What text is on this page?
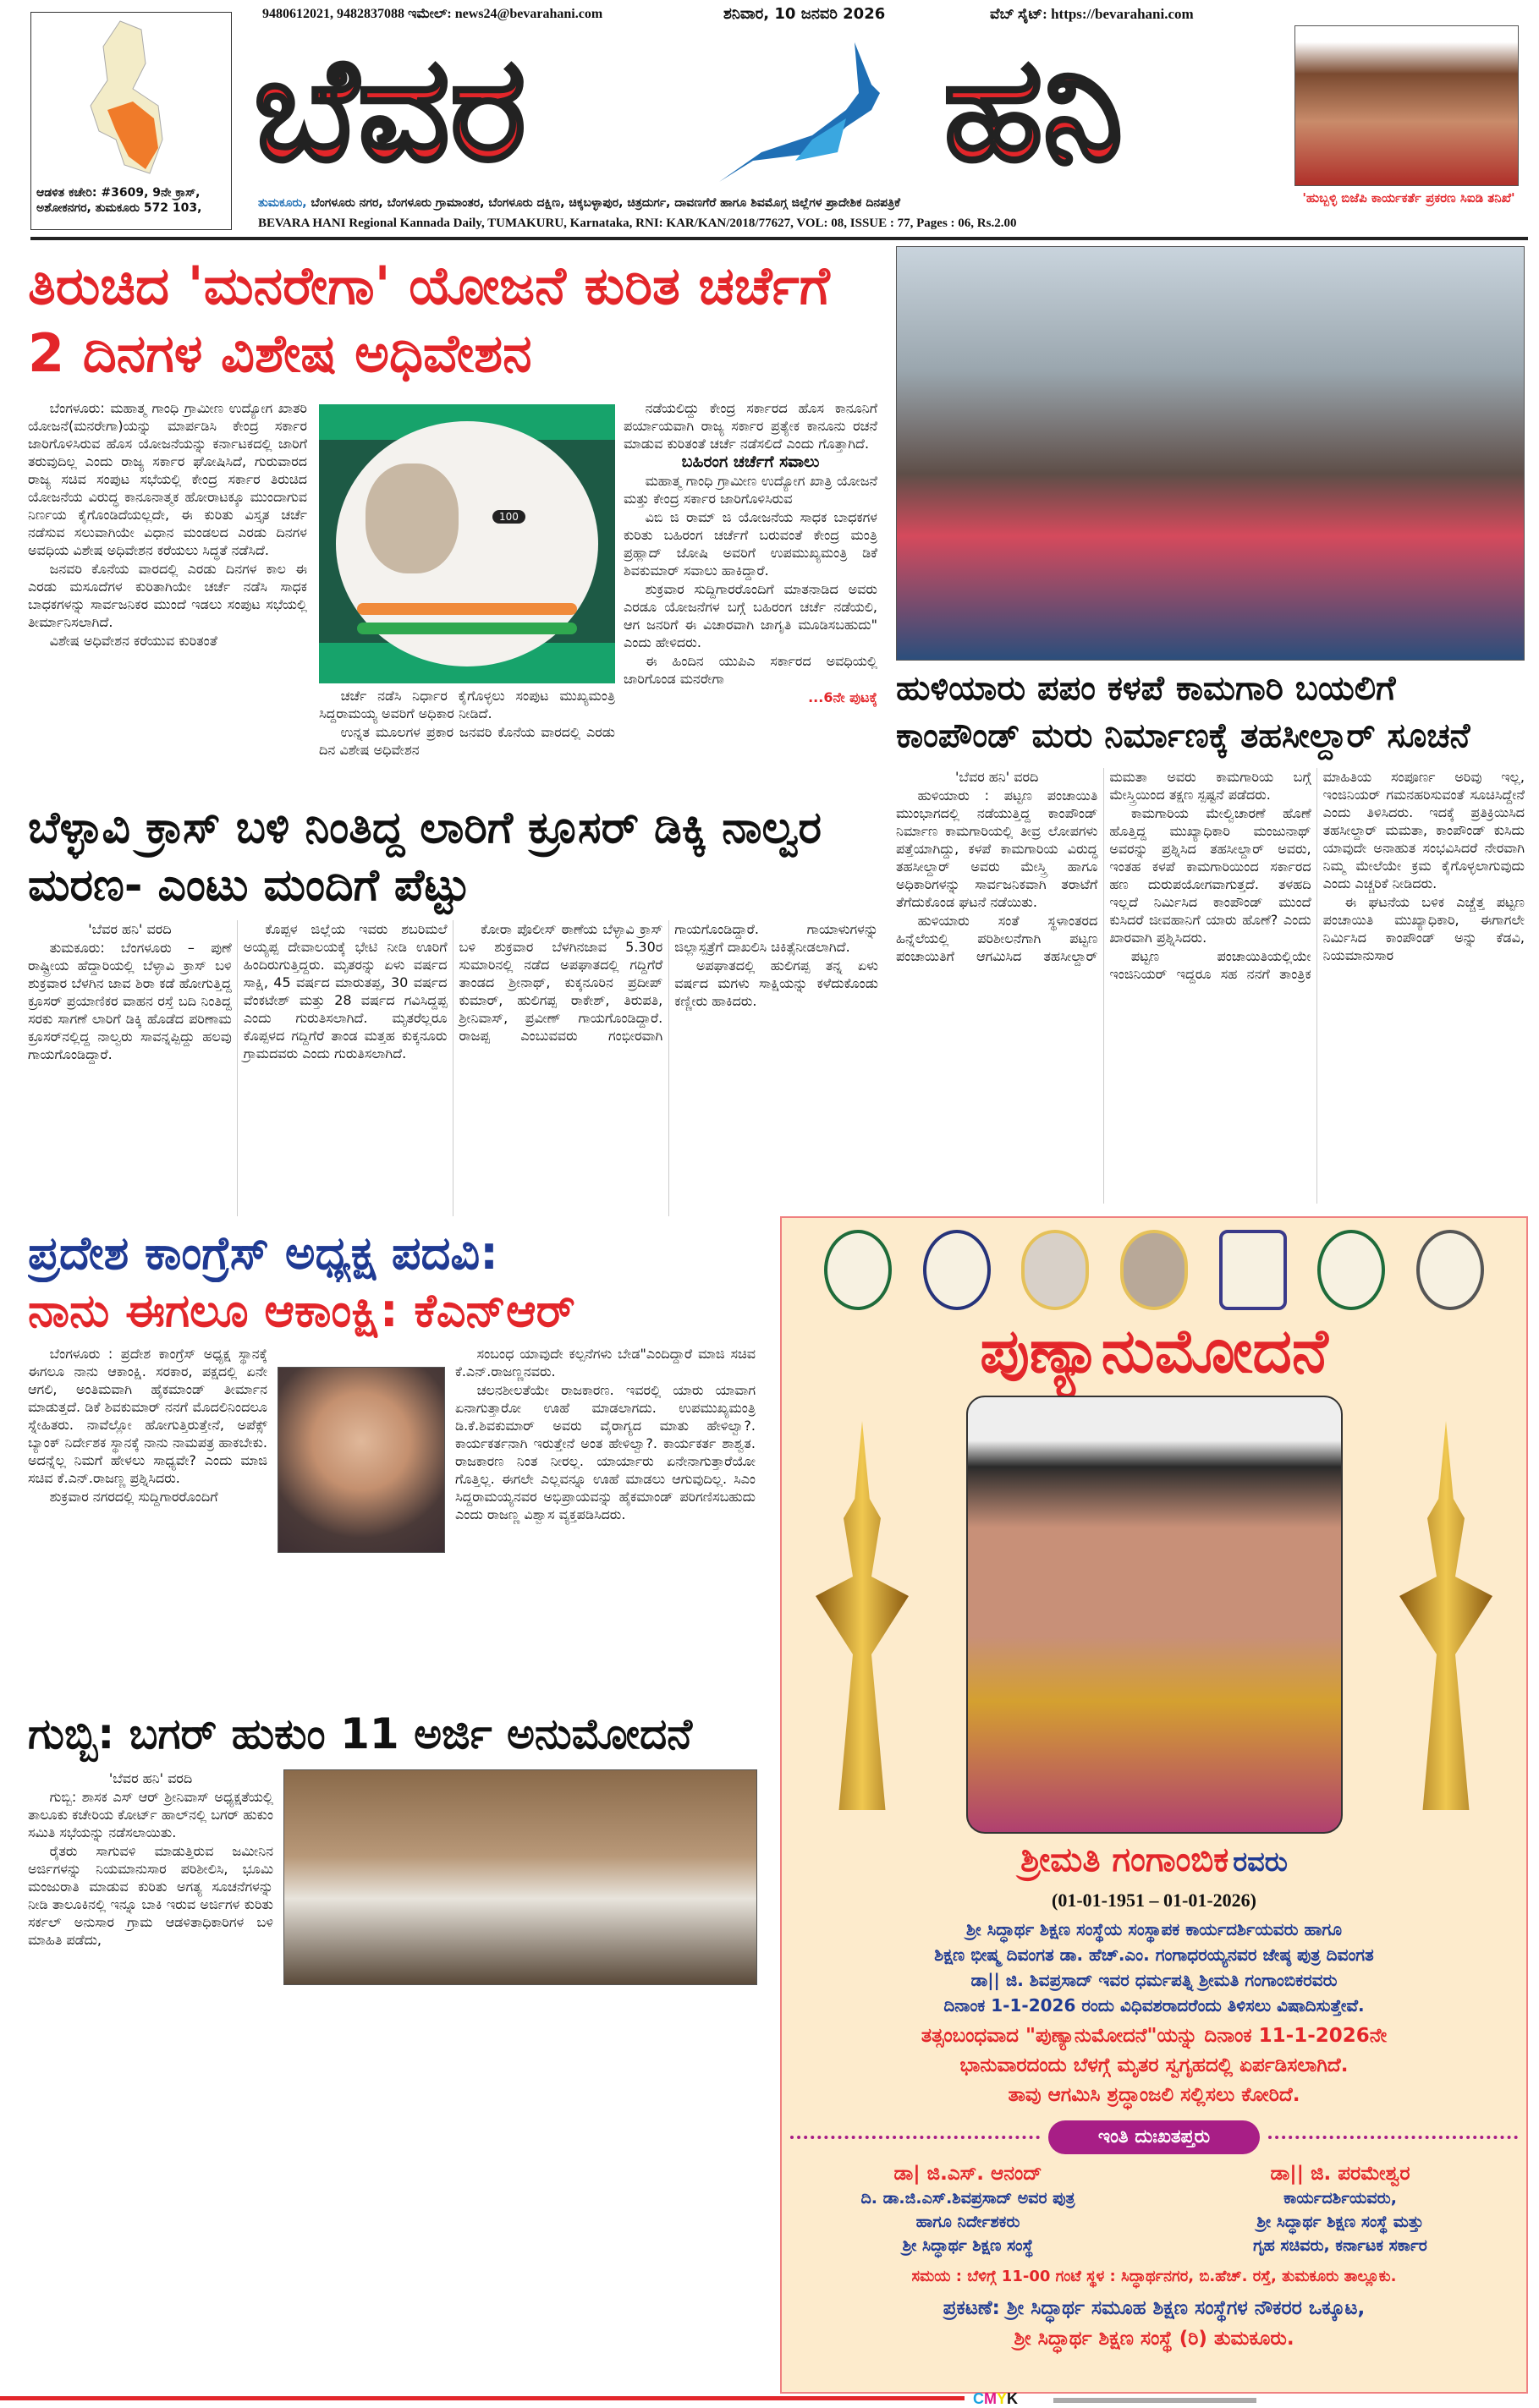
ಆಡಳಿತ ಕಚೇರಿ: #3609, 9ನೇ ಕ್ರಾಸ್, ಅಶೋಕನಗರ, ತುಮಕೂರು 572 103,
9480612021, 9482837088 ಇಮೇಲ್: news24@bevarahani.com	ಶನಿವಾರ, 10 ಜನವರಿ 2026	ವೆಬ್ ಸೈಟ್: https://bevarahani.com
ಬೆವರ	ಹನಿ
ತುಮಕೂರು, ಬೆಂಗಳೂರು ನಗರ, ಬೆಂಗಳೂರು ಗ್ರಾಮಾಂತರ, ಬೆಂಗಳೂರು ದಕ್ಷಿಣ, ಚಿಕ್ಕಬಳ್ಳಾಪುರ, ಚಿತ್ರದುರ್ಗ, ದಾವಣಗೆರೆ ಹಾಗೂ ಶಿವಮೊಗ್ಗ ಜಿಲ್ಲೆಗಳ ಪ್ರಾದೇಶಿಕ ದಿನಪತ್ರಿಕೆ
BEVARA HANI Regional Kannada Daily, TUMAKURU, Karnataka, RNI: KAR/KAN/2018/77627, VOL: 08, ISSUE : 77, Pages : 06, Rs.2.00
'ಹುಬ್ಬಳ್ಳಿ ಬಿಜೆಪಿ ಕಾರ್ಯಕರ್ತೆ ಪ್ರಕರಣ ಸಿಐಡಿ ತನಿಖೆ'
ತಿರುಚಿದ 'ಮನರೇಗಾ' ಯೋಜನೆ ಕುರಿತ ಚರ್ಚೆಗೆ 2 ದಿನಗಳ ವಿಶೇಷ ಅಧಿವೇಶನ

ಬೆಂಗಳೂರು: ಮಹಾತ್ಮ ಗಾಂಧಿ ಗ್ರಾಮೀಣ ಉದ್ಯೋಗ ಖಾತರಿ ಯೋಜನೆ(ಮನರೇಗಾ)ಯನ್ನು ಮಾರ್ಪಡಿಸಿ ಕೇಂದ್ರ ಸರ್ಕಾರ ಜಾರಿಗೊಳಿಸಿರುವ ಹೊಸ ಯೋಜನೆಯನ್ನು ಕರ್ನಾಟಕದಲ್ಲಿ ಜಾರಿಗೆ ತರುವುದಿಲ್ಲ ಎಂದು ರಾಜ್ಯ ಸರ್ಕಾರ ಘೋಷಿಸಿದೆ, ಗುರುವಾರದ ರಾಜ್ಯ ಸಚಿವ ಸಂಪುಟ ಸಭೆಯಲ್ಲಿ ಕೇಂದ್ರ ಸರ್ಕಾರ ತಿರುಚಿದ ಯೋಜನೆಯ ವಿರುದ್ಧ ಕಾನೂನಾತ್ಮಕ ಹೋರಾಟಕ್ಕೂ ಮುಂದಾಗುವ ನಿರ್ಣಯ ಕೈಗೊಂಡಿದೆಯಲ್ಲದೇ, ಈ ಕುರಿತು ವಿಸ್ತೃತ ಚರ್ಚೆ ನಡೆಸುವ ಸಲುವಾಗಿಯೇ ವಿಧಾನ ಮಂಡಲದ ಎರಡು ದಿನಗಳ ಅವಧಿಯ ವಿಶೇಷ ಅಧಿವೇಶನ ಕರೆಯಲು ಸಿದ್ಧತೆ ನಡೆಸಿದೆ.

ಜನವರಿ ಕೊನೆಯ ವಾರದಲ್ಲಿ ಎರಡು ದಿನಗಳ ಕಾಲ ಈ ಎರಡು ಮಸೂದೆಗಳ ಕುರಿತಾಗಿಯೇ ಚರ್ಚೆ ನಡೆಸಿ ಸಾಧಕ ಬಾಧಕಗಳನ್ನು ಸಾರ್ವಜನಿಕರ ಮುಂದೆ ಇಡಲು ಸಂಪುಟ ಸಭೆಯಲ್ಲಿ ತೀರ್ಮಾನಿಸಲಾಗಿದೆ.

ವಿಶೇಷ ಅಧಿವೇಶನ ಕರೆಯುವ ಕುರಿತಂತೆ

100

ಚರ್ಚೆ ನಡೆಸಿ ನಿರ್ಧಾರ ಕೈಗೊಳ್ಳಲು ಸಂಪುಟ ಮುಖ್ಯಮಂತ್ರಿ ಸಿದ್ದರಾಮಯ್ಯ ಅವರಿಗೆ ಅಧಿಕಾರ ನೀಡಿದೆ.

ಉನ್ನತ ಮೂಲಗಳ ಪ್ರಕಾರ ಜನವರಿ ಕೊನೆಯ ವಾರದಲ್ಲಿ ಎರಡು ದಿನ ವಿಶೇಷ ಅಧಿವೇಶನ

ನಡೆಯಲಿದ್ದು ಕೇಂದ್ರ ಸರ್ಕಾರದ ಹೊಸ ಕಾನೂನಿಗೆ ಪರ್ಯಾಯವಾಗಿ ರಾಜ್ಯ ಸರ್ಕಾರ ಪ್ರತ್ಯೇಕ ಕಾನೂನು ರಚನೆ ಮಾಡುವ ಕುರಿತಂತೆ ಚರ್ಚೆ ನಡೆಸಲಿದೆ ಎಂದು ಗೊತ್ತಾಗಿದೆ.

ಬಹಿರಂಗ ಚರ್ಚೆಗೆ ಸವಾಲು

ಮಹಾತ್ಮ ಗಾಂಧಿ ಗ್ರಾಮೀಣ ಉದ್ಯೋಗ ಖಾತ್ರಿ ಯೋಜನೆ ಮತ್ತು ಕೇಂದ್ರ ಸರ್ಕಾರ ಜಾರಿಗೊಳಿಸಿರುವ

ವಿಬಿ ಜಿ ರಾಮ್ ಜಿ ಯೋಜನೆಯ ಸಾಧಕ ಬಾಧಕಗಳ ಕುರಿತು ಬಹಿರಂಗ ಚರ್ಚೆಗೆ ಬರುವಂತೆ ಕೇಂದ್ರ ಮಂತ್ರಿ ಪ್ರಹ್ಲಾದ್ ಜೋಷಿ ಅವರಿಗೆ ಉಪಮುಖ್ಯಮಂತ್ರಿ ಡಿಕೆ ಶಿವಕುಮಾರ್ ಸವಾಲು ಹಾಕಿದ್ದಾರೆ.

ಶುಕ್ರವಾರ ಸುದ್ದಿಗಾರರೊಂದಿಗೆ ಮಾತನಾಡಿದ ಅವರು ಎರಡೂ ಯೋಜನೆಗಳ ಬಗ್ಗೆ ಬಹಿರಂಗ ಚರ್ಚೆ ನಡೆಯಲಿ, ಆಗ ಜನರಿಗೆ ಈ ವಿಚಾರವಾಗಿ ಜಾಗೃತಿ ಮೂಡಿಸಬಹುದು" ಎಂದು ಹೇಳಿದರು.

ಈ ಹಿಂದಿನ ಯುಪಿಎ ಸರ್ಕಾರದ ಅವಧಿಯಲ್ಲಿ ಜಾರಿಗೊಂಡ ಮನರೇಗಾ

...6ನೇ ಪುಟಕ್ಕೆ ಹುಳಿಯಾರು ಪಪಂ ಕಳಪೆ ಕಾಮಗಾರಿ ಬಯಲಿಗೆ ಕಾಂಪೌಂಡ್ ಮರು ನಿರ್ಮಾಣಕ್ಕೆ ತಹಸೀಲ್ದಾರ್ ಸೂಚನೆ

'ಬೆವರ ಹನಿ' ವರದಿ

ಹುಳಿಯಾರು : ಪಟ್ಟಣ ಪಂಚಾಯಿತಿ ಮುಂಭಾಗದಲ್ಲಿ ನಡೆಯುತ್ತಿದ್ದ ಕಾಂಪೌಂಡ್ ನಿರ್ಮಾಣ ಕಾಮಗಾರಿಯಲ್ಲಿ ತೀವ್ರ ಲೋಪಗಳು ಪತ್ತೆಯಾಗಿದ್ದು, ಕಳಪೆ ಕಾಮಗಾರಿಯ ವಿರುದ್ಧ ತಹಸೀಲ್ದಾರ್ ಅವರು ಮೇಸ್ತ್ರಿ ಹಾಗೂ ಅಧಿಕಾರಿಗಳನ್ನು ಸಾರ್ವಜನಿಕವಾಗಿ ತರಾಟೆಗೆ ತೆಗೆದುಕೊಂಡ ಘಟನೆ ನಡೆಯಿತು.

ಹುಳಿಯಾರು ಸಂತೆ ಸ್ಥಳಾಂತರದ ಹಿನ್ನೆಲೆಯಲ್ಲಿ ಪರಿಶೀಲನೆಗಾಗಿ ಪಟ್ಟಣ ಪಂಚಾಯಿತಿಗೆ ಆಗಮಿಸಿದ ತಹಸೀಲ್ದಾರ್ ಮಮತಾ ಅವರು ಕಾಮಗಾರಿಯ ಬಗ್ಗೆ ಮೇಸ್ತ್ರಿಯಿಂದ ತಕ್ಷಣ ಸ್ಪಷ್ಟನೆ ಪಡೆದರು.

ಕಾಮಗಾರಿಯ ಮೇಲ್ವಿಚಾರಣೆ ಹೊಣೆ ಹೊತ್ತಿದ್ದ ಮುಖ್ಯಾಧಿಕಾರಿ ಮಂಜುನಾಥ್ ಅವರನ್ನು ಪ್ರಶ್ನಿಸಿದ ತಹಸೀಲ್ದಾರ್ ಅವರು, ಇಂತಹ ಕಳಪೆ ಕಾಮಗಾರಿಯಿಂದ ಸರ್ಕಾರದ ಹಣ ದುರುಪಯೋಗವಾಗುತ್ತದೆ. ತಳಹದಿ ಇಲ್ಲದೆ ನಿರ್ಮಿಸಿದ ಕಾಂಪೌಂಡ್ ಮುಂದೆ ಕುಸಿದರೆ ಜೀವಹಾನಿಗೆ ಯಾರು ಹೊಣೆ? ಎಂದು ಖಾರವಾಗಿ ಪ್ರಶ್ನಿಸಿದರು.

ಪಟ್ಟಣ ಪಂಚಾಯಿತಿಯಲ್ಲಿಯೇ ಇಂಜಿನಿಯರ್ ಇದ್ದರೂ ಸಹ ನನಗೆ ತಾಂತ್ರಿಕ ಮಾಹಿತಿಯ ಸಂಪೂರ್ಣ ಅರಿವು ಇಲ್ಲ, ಇಂಜಿನಿಯರ್ ಗಮನಹರಿಸುವಂತೆ ಸೂಚಿಸಿದ್ದೇನೆ ಎಂದು ತಿಳಿಸಿದರು. ಇದಕ್ಕೆ ಪ್ರತಿಕ್ರಿಯಿಸಿದ ತಹಸೀಲ್ದಾರ್ ಮಮತಾ, ಕಾಂಪೌಂಡ್ ಕುಸಿದು ಯಾವುದೇ ಅನಾಹುತ ಸಂಭವಿಸಿದರೆ ನೇರವಾಗಿ ನಿಮ್ಮ ಮೇಲೆಯೇ ಕ್ರಮ ಕೈಗೊಳ್ಳಲಾಗುವುದು ಎಂದು ಎಚ್ಚರಿಕೆ ನೀಡಿದರು.

ಈ ಘಟನೆಯ ಬಳಿಕ ಎಚ್ಚೆತ್ತ ಪಟ್ಟಣ ಪಂಚಾಯಿತಿ ಮುಖ್ಯಾಧಿಕಾರಿ, ಈಗಾಗಲೇ ನಿರ್ಮಿಸಿದ ಕಾಂಪೌಂಡ್ ಅನ್ನು ಕೆಡವಿ, ನಿಯಮಾನುಸಾರ

ಬೆಳ್ಳಾವಿ ಕ್ರಾಸ್ ಬಳಿ ನಿಂತಿದ್ದ ಲಾರಿಗೆ ಕ್ರೂಸರ್ ಡಿಕ್ಕಿ ನಾಲ್ವರ ಮರಣ- ಎಂಟು ಮಂದಿಗೆ ಪೆಟ್ಟು

'ಬೆವರ ಹನಿ' ವರದಿ

ತುಮಕೂರು: ಬೆಂಗಳೂರು – ಪುಣೆ ರಾಷ್ಟ್ರೀಯ ಹೆದ್ದಾರಿಯಲ್ಲಿ ಬೆಳ್ಳಾವಿ ಕ್ರಾಸ್ ಬಳಿ ಶುಕ್ರವಾರ ಬೆಳಗಿನ ಜಾವ ಶಿರಾ ಕಡೆ ಹೋಗುತ್ತಿದ್ದ ಕ್ರೂಸರ್ ಪ್ರಯಾಣಿಕರ ವಾಹನ ರಸ್ತೆ ಬದಿ ನಿಂತಿದ್ದ ಸರಕು ಸಾಗಣೆ ಲಾರಿಗೆ ಡಿಕ್ಕಿ ಹೊಡೆದ ಪರಿಣಾಮ ಕ್ರೂಸರ್‌ನಲ್ಲಿದ್ದ ನಾಲ್ವರು ಸಾವನ್ನಪ್ಪಿದ್ದು ಹಲವು ಗಾಯಗೊಂಡಿದ್ದಾರೆ.

ಕೊಪ್ಪಳ ಜಿಲ್ಲೆಯ ಇವರು ಶಬರಿಮಲೆ ಅಯ್ಯಪ್ಪ ದೇವಾಲಯಕ್ಕೆ ಭೇಟಿ ನೀಡಿ ಊರಿಗೆ ಹಿಂದಿರುಗುತ್ತಿದ್ದರು. ಮೃತರನ್ನು ಏಳು ವರ್ಷದ ಸಾಕ್ಷಿ, 45 ವರ್ಷದ ಮಾರುತಪ್ಪ, 30 ವರ್ಷದ ವೆಂಕಟೇಶ್ ಮತ್ತು 28 ವರ್ಷದ ಗವಿಸಿದ್ದಪ್ಪ ಎಂದು ಗುರುತಿಸಲಾಗಿದೆ. ಮೃತರೆಲ್ಲರೂ ಕೊಪ್ಪಳದ ಗದ್ದಿಗೆರೆ ತಾಂಡ ಮತ್ತಹ ಕುಕ್ಕನೂರು ಗ್ರಾಮದವರು ಎಂದು ಗುರುತಿಸಲಾಗಿದೆ.

ಕೋರಾ ಪೊಲೀಸ್ ಠಾಣೆಯ ಬೆಳ್ಳಾವಿ ಕ್ರಾಸ್ ಬಳಿ ಶುಕ್ರವಾರ ಬೆಳಗಿನಜಾವ 5.30ರ ಸುಮಾರಿನಲ್ಲಿ ನಡೆದ ಅಪಘಾತದಲ್ಲಿ ಗದ್ದಿಗೆರೆ ತಾಂಡದ ಶ್ರೀನಾಥ್, ಕುಕ್ಕನೂರಿನ ಪ್ರದೀಪ್ ಕುಮಾರ್, ಹುಲಿಗಪ್ಪ ರಾಕೇಶ್, ತಿರುಪತಿ, ಶ್ರೀನಿವಾಸ್, ಪ್ರವೀಣ್ ಗಾಯಗೊಂಡಿದ್ದಾರೆ. ರಾಜಪ್ಪ ಎಂಬುವವರು ಗಂಭೀರವಾಗಿ ಗಾಯಗೊಂಡಿದ್ದಾರೆ. ಗಾಯಾಳುಗಳನ್ನು ಜಿಲ್ಲಾಸ್ಪತ್ರೆಗೆ ದಾಖಲಿಸಿ ಚಿಕಿತ್ಸೆನೀಡಲಾಗಿದೆ.

ಅಪಘಾತದಲ್ಲಿ ಹುಲಿಗಪ್ಪ ತನ್ನ ಏಳು ವರ್ಷದ ಮಗಳು ಸಾಕ್ಷಿಯನ್ನು ಕಳೆದುಕೊಂಡು ಕಣ್ಣೀರು ಹಾಕಿದರು.

ಪ್ರದೇಶ ಕಾಂಗ್ರೆಸ್ ಅಧ್ಯಕ್ಷ ಪದವಿ:
ನಾನು ಈಗಲೂ ಆಕಾಂಕ್ಷಿ: ಕೆಎನ್‌ಆರ್

ಬೆಂಗಳೂರು : ಪ್ರದೇಶ ಕಾಂಗ್ರೆಸ್ ಅಧ್ಯಕ್ಷ ಸ್ಥಾನಕ್ಕೆ ಈಗಲೂ ನಾನು ಆಕಾಂಕ್ಷಿ. ಸರಕಾರ, ಪಕ್ಷದಲ್ಲಿ ಏನೇ ಆಗಲಿ, ಅಂತಿಮವಾಗಿ ಹೈಕಮಾಂಡ್ ತೀರ್ಮಾನ ಮಾಡುತ್ತದೆ. ಡಿಕೆ ಶಿವಕುಮಾರ್ ನನಗೆ ಮೊದಲಿನಿಂದಲೂ ಸ್ನೇಹಿತರು. ನಾವೆಲ್ಲೋ ಹೋಗುತ್ತಿರುತ್ತೇನೆ, ಅಪೆಕ್ಸ್ ಬ್ಯಾಂಕ್ ನಿರ್ದೇಶಕ ಸ್ಥಾನಕ್ಕೆ ನಾನು ನಾಮಪತ್ರ ಹಾಕಬೇಕು. ಅದನ್ನೆಲ್ಲ ನಿಮಗೆ ಹೇಳಲು ಸಾಧ್ಯವೇ? ಎಂದು ಮಾಜಿ ಸಚಿವ ಕೆ.ಎನ್.ರಾಜಣ್ಣ ಪ್ರಶ್ನಿಸಿದರು.

ಶುಕ್ರವಾರ ನಗರದಲ್ಲಿ ಸುದ್ದಿಗಾರರೊಂದಿಗೆ

ಸಂಬಂಧ ಯಾವುದೇ ಕಲ್ಪನೆಗಳು ಬೇಡ"ಎಂದಿದ್ದಾರೆ ಮಾಜಿ ಸಚಿವ ಕೆ.ಎನ್.ರಾಜಣ್ಣನವರು.

ಚಲನಶೀಲತೆಯೇ ರಾಜಕಾರಣ. ಇವರಲ್ಲಿ ಯಾರು ಯಾವಾಗ ಏನಾಗುತ್ತಾರೋ ಊಹೆ ಮಾಡಲಾಗದು. ಉಪಮುಖ್ಯಮಂತ್ರಿ ಡಿ.ಕೆ.ಶಿವಕುಮಾರ್ ಅವರು ವೈರಾಗ್ಯದ ಮಾತು ಹೇಳಿಲ್ವಾ?. ಕಾರ್ಯಕರ್ತನಾಗಿ ಇರುತ್ತೇನೆ ಅಂತ ಹೇಳಿಲ್ವಾ?. ಕಾರ್ಯಕರ್ತ ಶಾಶ್ವತ. ರಾಜಕಾರಣ ನಿಂತ ನೀರಲ್ಲ. ಯಾರ್ಯಾರು ಏನೇನಾಗುತ್ತಾರೆಯೋ ಗೊತ್ತಿಲ್ಲ. ಈಗಲೇ ಎಲ್ಲವನ್ನೂ ಊಹೆ ಮಾಡಲು ಆಗುವುದಿಲ್ಲ. ಸಿಎಂ ಸಿದ್ದರಾಮಯ್ಯನವರ ಅಭಿಪ್ರಾಯವನ್ನು ಹೈಕಮಾಂಡ್ ಪರಿಗಣಿಸಬಹುದು ಎಂದು ರಾಜಣ್ಣ ವಿಶ್ವಾಸ ವ್ಯಕ್ತಪಡಿಸಿದರು.

ಗುಬ್ಬಿ: ಬಗರ್ ಹುಕುಂ 11 ಅರ್ಜಿ ಅನುಮೋದನೆ

'ಬೆವರ ಹನಿ' ವರದಿ

ಗುಬ್ಬಿ: ಶಾಸಕ ಎಸ್ ಆರ್ ಶ್ರೀನಿವಾಸ್ ಅಧ್ಯಕ್ಷತೆಯಲ್ಲಿ ತಾಲೂಕು ಕಚೇರಿಯ ಕೋರ್ಟ್ ಹಾಲ್‌ನಲ್ಲಿ ಬಗರ್ ಹುಕುಂ ಸಮಿತಿ ಸಭೆಯನ್ನು ನಡೆಸಲಾಯಿತು.

ರೈತರು ಸಾಗುವಳಿ ಮಾಡುತ್ತಿರುವ ಜಮೀನಿನ ಅರ್ಜಿಗಳನ್ನು ನಿಯಮಾನುಸಾರ ಪರಿಶೀಲಿಸಿ, ಭೂಮಿ ಮಂಜುರಾತಿ ಮಾಡುವ ಕುರಿತು ಅಗತ್ಯ ಸೂಚನೆಗಳನ್ನು ನೀಡಿ ತಾಲೂಕಿನಲ್ಲಿ ಇನ್ನೂ ಬಾಕಿ ಇರುವ ಅರ್ಜಿಗಳ ಕುರಿತು ಸರ್ಕಲ್ ಅನುಸಾರ ಗ್ರಾಮ ಆಡಳಿತಾಧಿಕಾರಿಗಳ ಬಳಿ ಮಾಹಿತಿ ಪಡೆದು,

ಪುಣ್ಯಾನುಮೋದನೆ
ಶ್ರೀಮತಿ ಗಂಗಾಂಬಿಕ ರವರು
(01-01-1951 – 01-01-2026)
ಶ್ರೀ ಸಿದ್ಧಾರ್ಥ ಶಿಕ್ಷಣ ಸಂಸ್ಥೆಯ ಸಂಸ್ಥಾಪಕ ಕಾರ್ಯದರ್ಶಿಯವರು ಹಾಗೂ
ಶಿಕ್ಷಣ ಭೀಷ್ಮ ದಿವಂಗತ ಡಾ. ಹೆಚ್.ಎಂ. ಗಂಗಾಧರಯ್ಯನವರ ಜೇಷ್ಠ ಪುತ್ರ ದಿವಂಗತ
ಡಾ|| ಜಿ. ಶಿವಪ್ರಸಾದ್ ಇವರ ಧರ್ಮಪತ್ನಿ ಶ್ರೀಮತಿ ಗಂಗಾಂಬಿಕರವರು
ದಿನಾಂಕ 1-1-2026 ರಂದು ವಿಧಿವಶರಾದರೆಂದು ತಿಳಿಸಲು ವಿಷಾದಿಸುತ್ತೇವೆ.
ತತ್ಸಂಬಂಧವಾದ "ಪುಣ್ಯಾನುಮೋದನೆ"ಯನ್ನು ದಿನಾಂಕ 11-1-2026ನೇ
ಭಾನುವಾರದಂದು ಬೆಳಗ್ಗೆ ಮೃತರ ಸ್ವಗೃಹದಲ್ಲಿ ಏರ್ಪಡಿಸಲಾಗಿದೆ.
ತಾವು ಆಗಮಿಸಿ ಶ್ರದ್ಧಾಂಜಲಿ ಸಲ್ಲಿಸಲು ಕೋರಿದೆ.
ಇಂತಿ ದುಃಖತಪ್ತರು
ಡಾ| ಜಿ.ಎಸ್. ಆನಂದ್
ದಿ. ಡಾ.ಜಿ.ಎಸ್.ಶಿವಪ್ರಸಾದ್ ಅವರ ಪುತ್ರ
ಹಾಗೂ ನಿರ್ದೇಶಕರು
ಶ್ರೀ ಸಿದ್ಧಾರ್ಥ ಶಿಕ್ಷಣ ಸಂಸ್ಥೆ
ಡಾ|| ಜಿ. ಪರಮೇಶ್ವರ
ಕಾರ್ಯದರ್ಶಿಯವರು,
ಶ್ರೀ ಸಿದ್ಧಾರ್ಥ ಶಿಕ್ಷಣ ಸಂಸ್ಥೆ ಮತ್ತು
ಗೃಹ ಸಚಿವರು, ಕರ್ನಾಟಕ ಸರ್ಕಾರ
ಸಮಯ : ಬೆಳಿಗ್ಗೆ 11-00 ಗಂಟೆ ಸ್ಥಳ : ಸಿದ್ಧಾರ್ಥನಗರ, ಬಿ.ಹೆಚ್. ರಸ್ತೆ, ತುಮಕೂರು ತಾಲ್ಲೂಕು.
ಪ್ರಕಟಣೆ: ಶ್ರೀ ಸಿದ್ಧಾರ್ಥ ಸಮೂಹ ಶಿಕ್ಷಣ ಸಂಸ್ಥೆಗಳ ನೌಕರರ ಒಕ್ಕೂಟ,
ಶ್ರೀ ಸಿದ್ಧಾರ್ಥ ಶಿಕ್ಷಣ ಸಂಸ್ಥೆ (ರಿ) ತುಮಕೂರು.
CMYK
